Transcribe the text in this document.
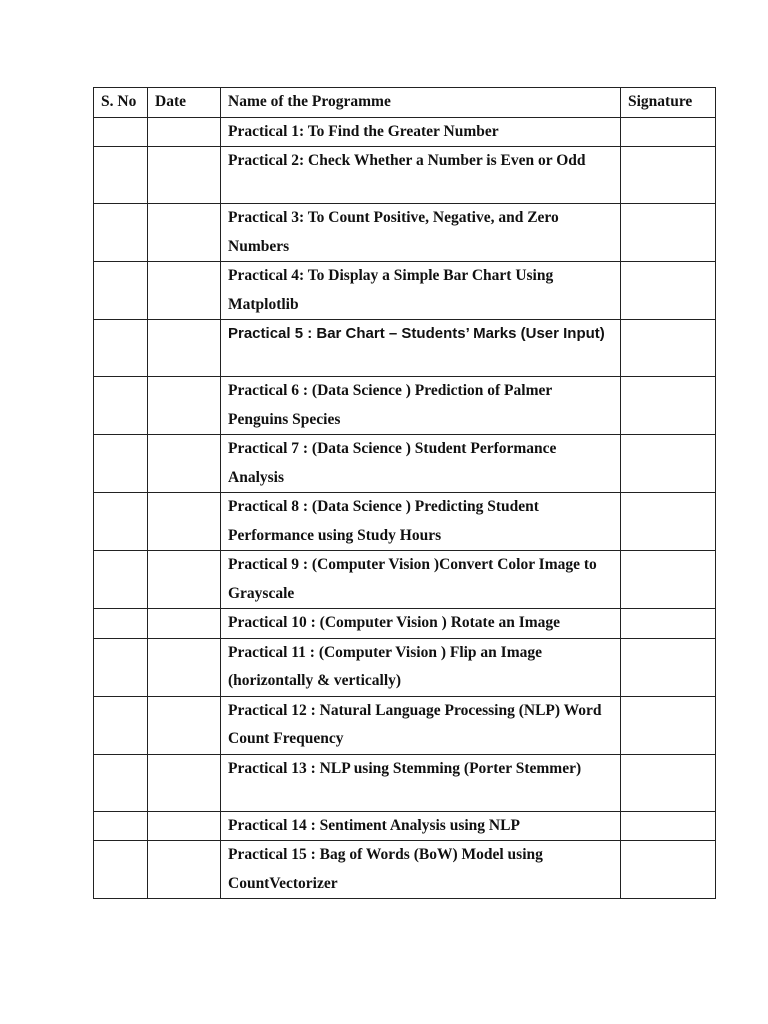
S. No	Date	Name of the Programme	Signature
		Practical 1: To Find the Greater Number	
		Practical 2: Check Whether a Number is Even or Odd	
		Practical 3: To Count Positive, Negative, and Zero Numbers	
		Practical 4: To Display a Simple Bar Chart Using Matplotlib	
		Practical 5 : Bar Chart – Students’ Marks (User Input)	
		Practical 6 : (Data Science ) Prediction of Palmer Penguins Species	
		Practical 7 : (Data Science ) Student Performance Analysis	
		Practical 8 : (Data Science ) Predicting Student Performance using Study Hours	
		Practical 9 : (Computer Vision )Convert Color Image to Grayscale	
		Practical 10 : (Computer Vision ) Rotate an Image	
		Practical 11 : (Computer Vision ) Flip an Image (horizontally & vertically)	
		Practical 12 : Natural Language Processing (NLP) Word Count Frequency	
		Practical 13 : NLP using Stemming (Porter Stemmer)	
		Practical 14 : Sentiment Analysis using NLP	
		Practical 15 : Bag of Words (BoW) Model using CountVectorizer	
